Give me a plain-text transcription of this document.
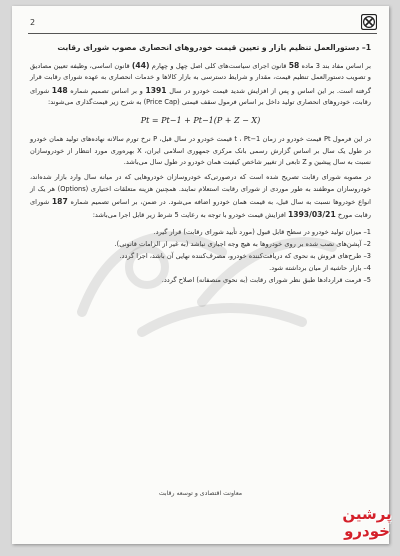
2

1– دستورالعمل تنظیم بازار و تعیین قیمت خودروهای انحصاری مصوب شورای رقابت

بر اساس مفاد بند 3 ماده 58 قانون اجرای سیاست‌های کلی اصل چهل و چهارم (44) قانون اساسی، وظیفه تعیین مصادیق و تصویب دستورالعمل تنظیم قیمت، مقدار و شرایط دسترسی به بازار کالاها و خدمات انحصاری به عهده شورای رقابت قرار گرفته است. بر این اساس و پس از افزایش شدید قیمت خودرو در سال 1391 و بر اساس تصمیم شماره 148 شورای رقابت، خودروهای انحصاری تولید داخل بر اساس فرمول سقف قیمتی (Price Cap) به شرح زیر قیمت‌گذاری می‌شوند:

Pt = Pt−1 + Pt−1(P + Z − X)

در این فرمول Pt قیمت خودرو در زمان t ، Pt−1 قیمت خودرو در سال قبل، P نرخ تورم سالانه نهاده‌های تولید همان خودرو در طول یک سال بر اساس گزارش رسمی بانک مرکزی جمهوری اسلامی ایران، X بهره‌وری مورد انتظار از خودروسازان نسبت به سال پیشین و Z تابعی از تغییر شاخص کیفیت همان خودرو در طول سال می‌باشد.

در مصوبه شورای رقابت تصریح شده است که درصورتی‌که خودروسازان خودروهایی که در میانه سال وارد بازار شده‌اند، خودروسازان موظفند به طور موردی از شورای رقابت استعلام نمایند. همچنین هزینه متعلقات اختیاری (Options) هر یک از انواع خودروها نسبت به سال قبل، به قیمت همان خودرو اضافه می‌شود. در ضمن، بر اساس تصمیم شماره 187 شورای رقابت مورخ 1393/03/21 افزایش قیمت خودرو با توجه به رعایت 5 شرط زیر قابل اجرا می‌باشد:

1– میزان تولید خودرو در سطح قابل قبول (مورد تأیید شورای رقابت) قرار گیرد.
2– آپشن‌های نصب شده بر روی خودروها به هیچ وجه اجباری نباشد (به غیر از الزامات قانونی).
3– طرح‌های فروش به نحوی که دریافت‌کننده خودرو، مصرف‌کننده نهایی آن باشد، اجرا گردد.
4– بازار حاشیه از میان برداشته شود.
5– فرمت قراردادها طبق نظر شورای رقابت (به نحوی منصفانه) اصلاح گردد.
معاونت اقتصادی و توسعه رقابت
پرشین
خودرو
